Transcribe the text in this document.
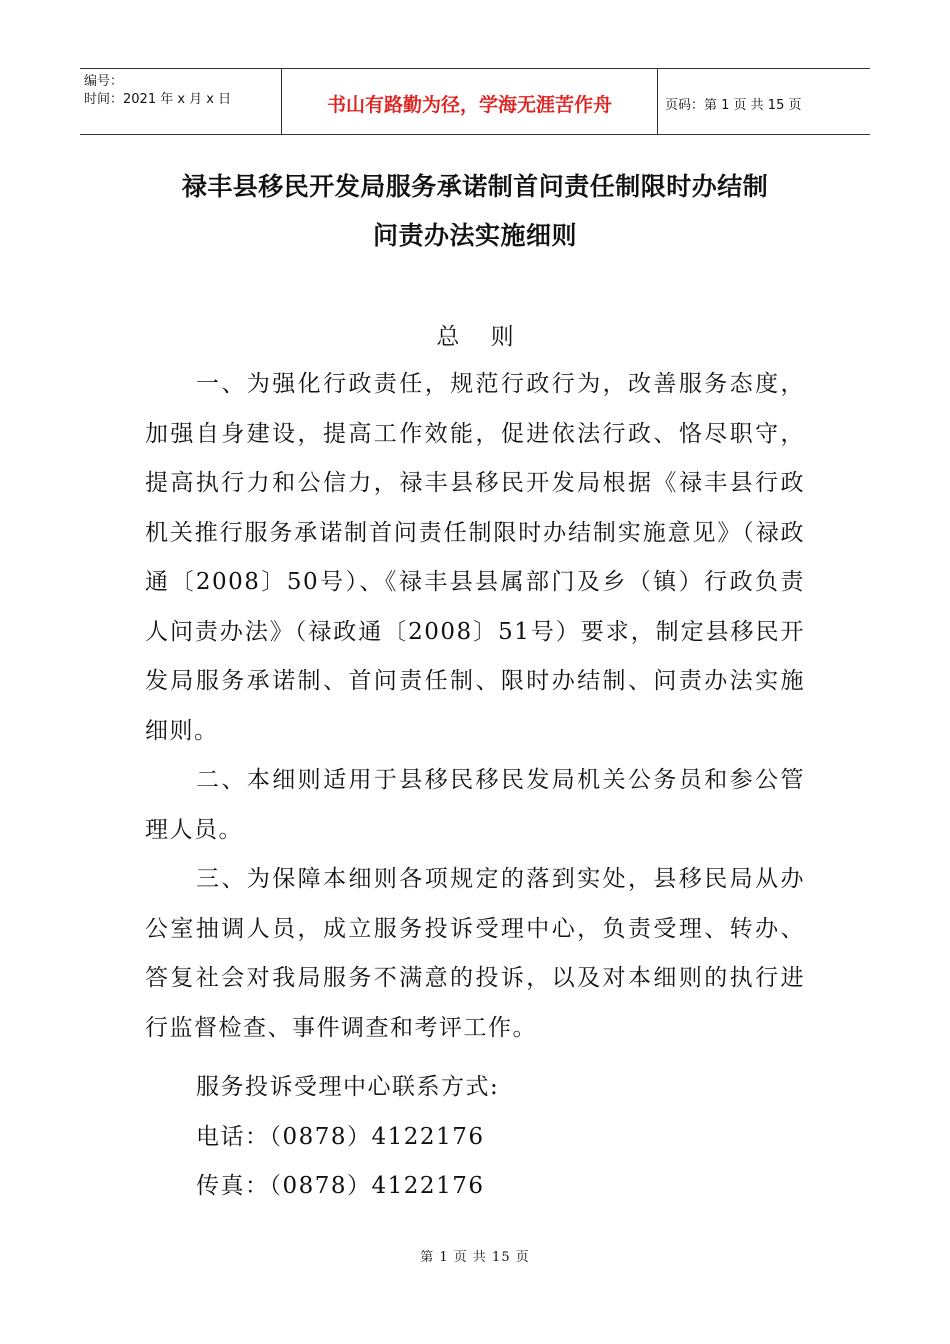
编号：
时间：2021 年 x 月 x 日	书山有路勤为径，学海无涯苦作舟	页码：第 1 页 共 15 页
禄丰县移民开发局服务承诺制首问责任制限时办结制
问责办法实施细则
总 则

一、为强化行政责任，规范行政行为，改善服务态度，加强自身建设，提高工作效能，促进依法行政、恪尽职守，提高执行力和公信力，禄丰县移民开发局根据《禄丰县行政机关推行服务承诺制首问责任制限时办结制实施意见》（禄政通〔2008〕50号）、《禄丰县县属部门及乡（镇）行政负责人问责办法》（禄政通〔2008〕51号）要求，制定县移民开发局服务承诺制、首问责任制、限时办结制、问责办法实施细则。

二、本细则适用于县移民移民发局机关公务员和参公管理人员。

三、为保障本细则各项规定的落到实处，县移民局从办公室抽调人员，成立服务投诉受理中心，负责受理、转办、答复社会对我局服务不满意的投诉，以及对本细则的执行进行监督检查、事件调查和考评工作。

服务投诉受理中心联系方式:
电话：（0878）4122176
传真：（0878）4122176
第 1 页 共 15 页
